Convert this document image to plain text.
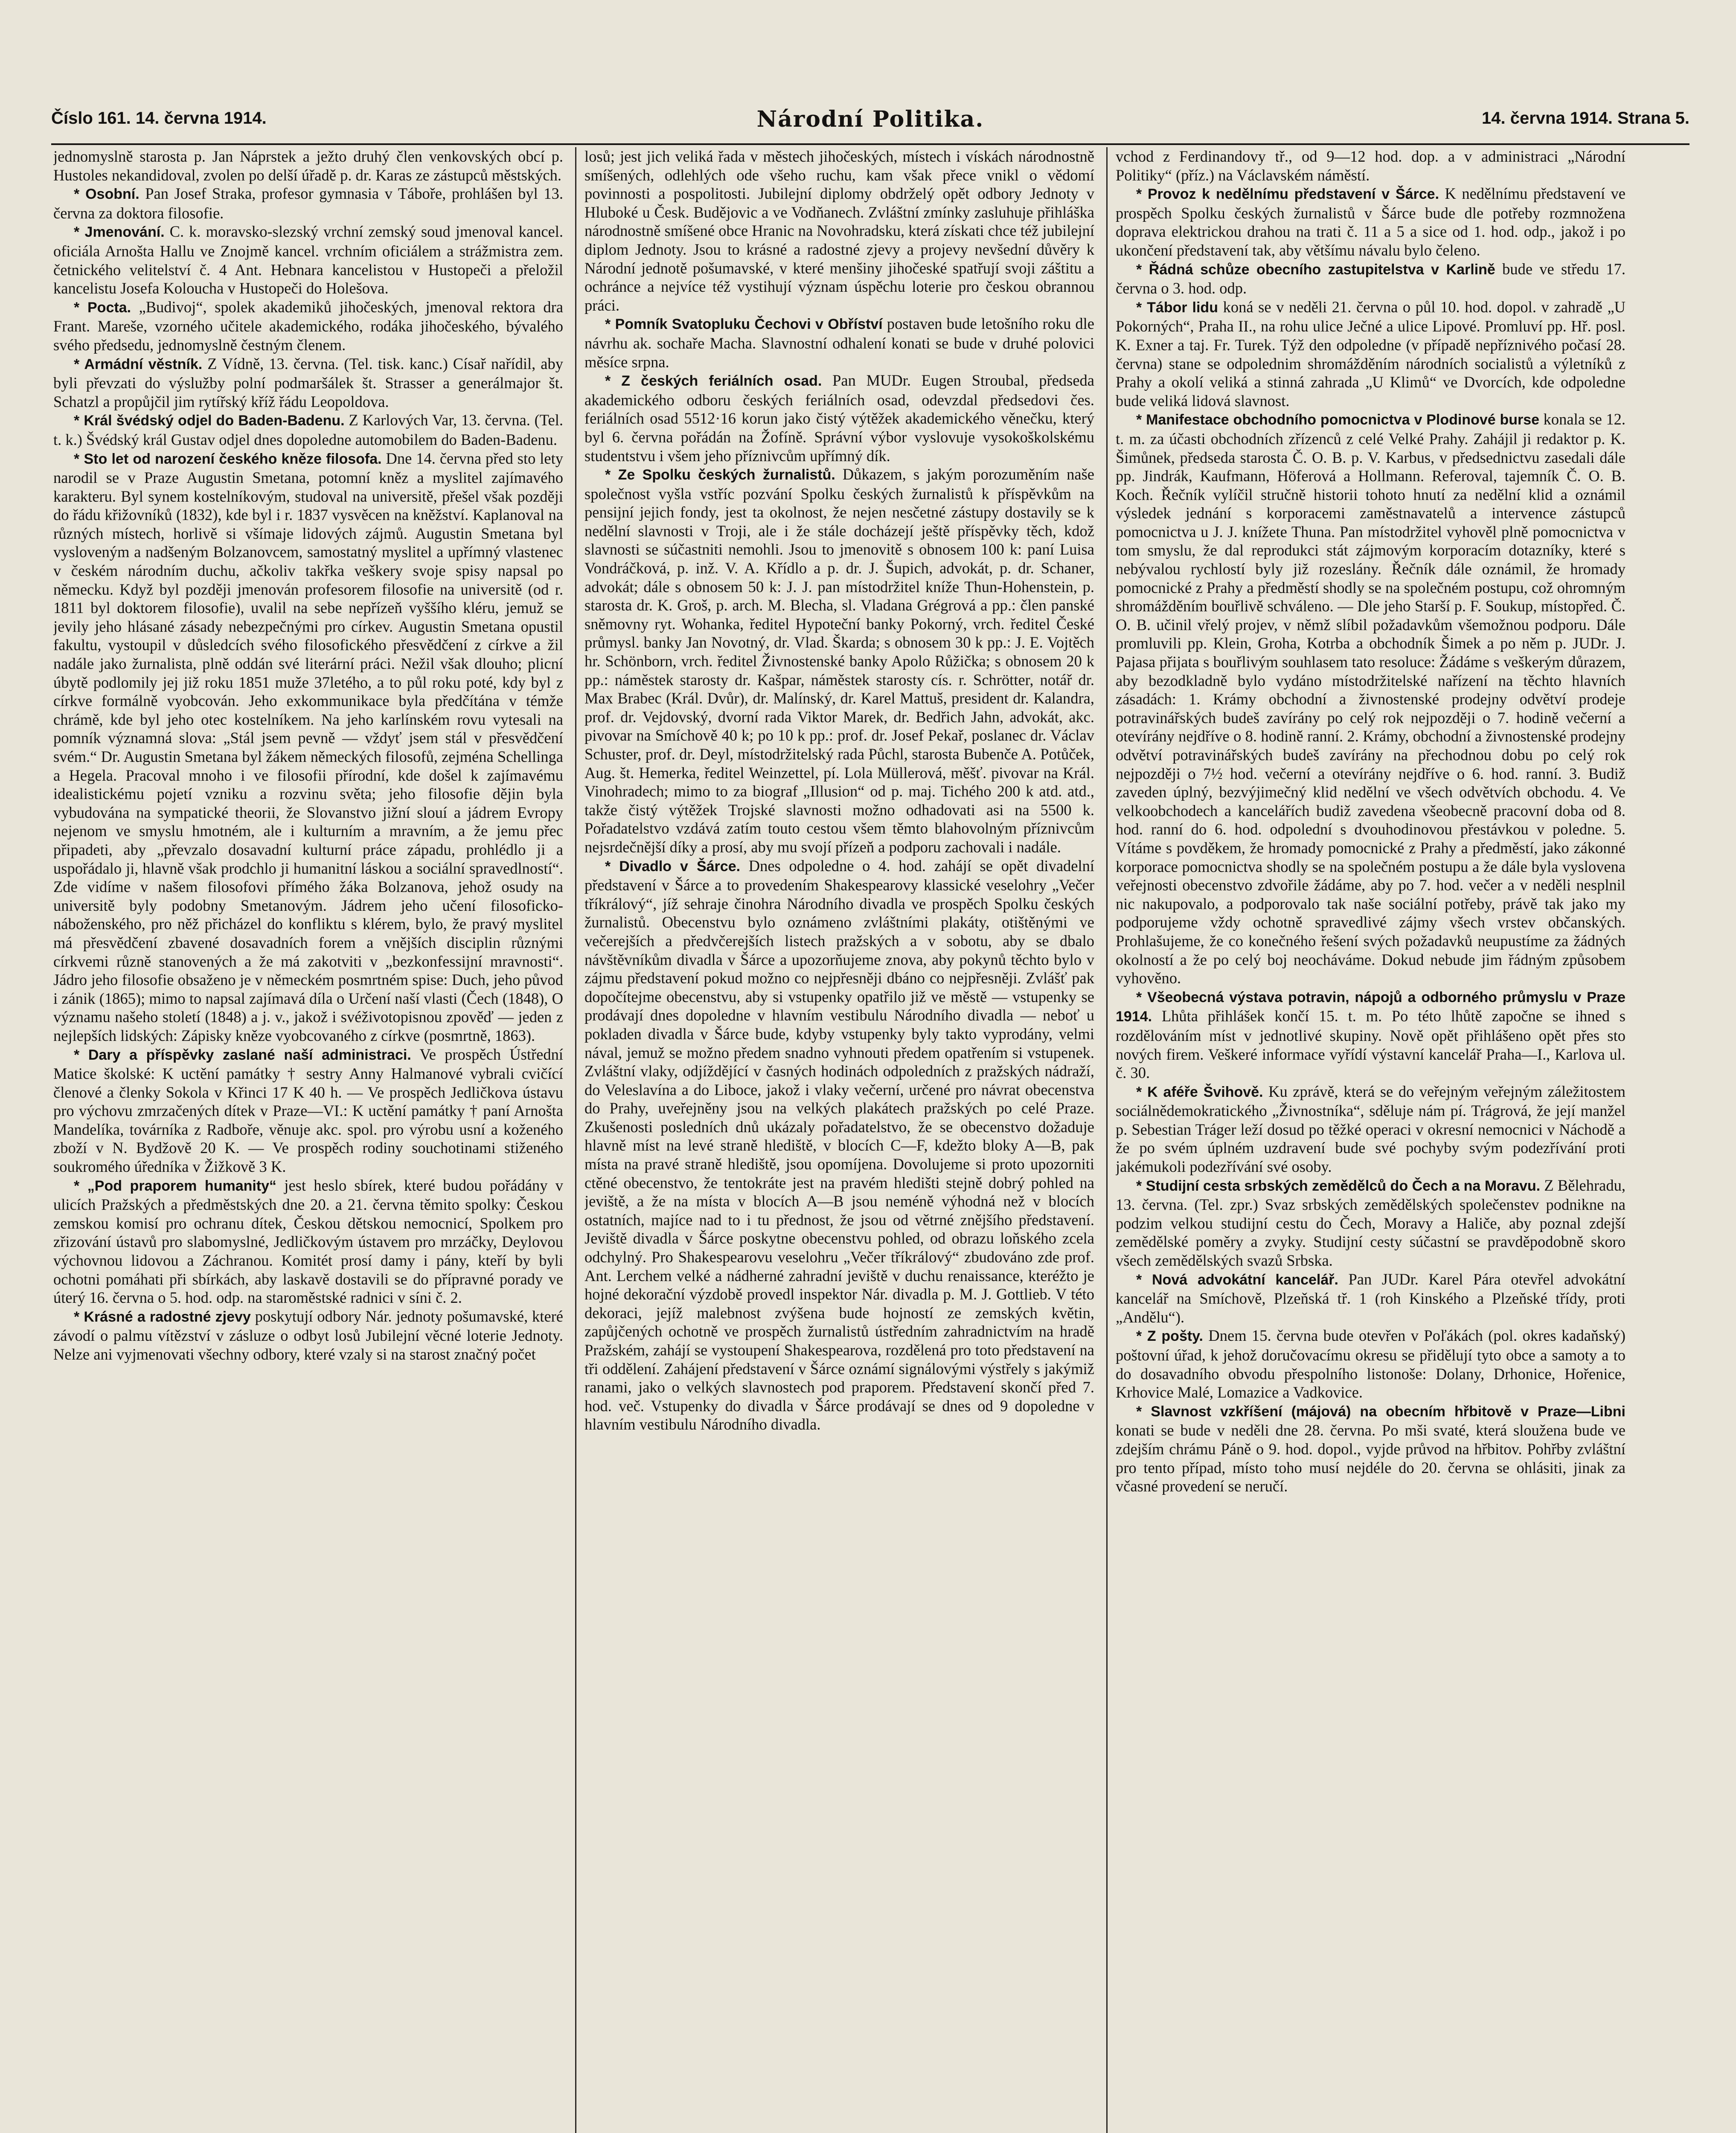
Číslo 161. 14. června 1914.	Národní Politika.	14. června 1914. Strana 5.

jednomyslně starosta p. Jan Náprstek a ježto druhý člen venkovských obcí p. Hustoles nekandidoval, zvolen po delší úřadě p. dr. Karas ze zástupců městských.

* Osobní. Pan Josef Straka, profesor gymnasia v Táboře, prohlášen byl 13. června za doktora filosofie.

* Jmenování. C. k. moravsko-slezský vrchní zemský soud jmenoval kancel. oficiála Arnošta Hallu ve Znojmě kancel. vrchním oficiálem a strážmistra zem. četnického velitelství č. 4 Ant. Hebnara kancelistou v Hustopeči a přeložil kancelistu Josefa Koloucha v Hustopeči do Holešova.

* Pocta. „Budivoj“, spolek akademiků jihočeských, jmenoval rektora dra Frant. Mareše, vzorného učitele akademického, rodáka jihočeského, bývalého svého předsedu, jednomyslně čestným členem.

* Armádní věstník. Z Vídně, 13. června. (Tel. tisk. kanc.) Císař nařídil, aby byli převzati do výslužby polní podmaršálek št. Strasser a generálmajor št. Schatzl a propůjčil jim rytířský kříž řádu Leopoldova.

* Král švédský odjel do Baden-Badenu. Z Karlových Var, 13. června. (Tel. t. k.) Švédský král Gustav odjel dnes dopoledne automobilem do Baden-Badenu.

* Sto let od narození českého kněze filosofa. Dne 14. června před sto lety narodil se v Praze Augustin Smetana, potomní kněz a myslitel zajímavého karakteru. Byl synem kostelníkovým, studoval na universitě, přešel však později do řádu křižovníků (1832), kde byl i r. 1837 vysvěcen na kněžství. Kaplanoval na různých místech, horlivě si všímaje lidových zájmů. Augustin Smetana byl vysloveným a nadšeným Bolzanovcem, samostatný myslitel a upřímný vlastenec v českém národním duchu, ačkoliv takřka veškery svoje spisy napsal po německu. Když byl později jmenován profesorem filosofie na universitě (od r. 1811 byl doktorem filosofie), uvalil na sebe nepřízeň vyššího kléru, jemuž se jevily jeho hlásané zásady nebezpečnými pro církev. Augustin Smetana opustil fakultu, vystoupil v důsledcích svého filosofického přesvědčení z církve a žil nadále jako žurnalista, plně oddán své literární práci. Nežil však dlouho; plicní úbytě podlomily jej již roku 1851 muže 37letého, a to půl roku poté, kdy byl z církve formálně vyobcován. Jeho exkommunikace byla předčítána v témže chrámě, kde byl jeho otec kostelníkem. Na jeho karlínském rovu vytesali na pomník významná slova: „Stál jsem pevně — vždyť jsem stál v přesvědčení svém.“ Dr. Augustin Smetana byl žákem německých filosofů, zejména Schellinga a Hegela. Pracoval mnoho i ve filosofii přírodní, kde došel k zajímavému idealistickému pojetí vzniku a rozvinu světa; jeho filosofie dějin byla vybudována na sympatické theorii, že Slovanstvo jižní slouí a jádrem Evropy nejenom ve smyslu hmotném, ale i kulturním a mravním, a že jemu přec připadeti, aby „převzalo dosavadní kulturní práce západu, prohlédlo ji a uspořádalo ji, hlavně však prodchlo ji humanitní láskou a sociální spravedlností“. Zde vidíme v našem filosofovi přímého žáka Bolzanova, jehož osudy na universitě byly podobny Smetanovým. Jádrem jeho učení filosoficko-náboženského, pro něž přicházel do konfliktu s klérem, bylo, že pravý myslitel má přesvědčení zbavené dosavadních forem a vnějších disciplin různými církvemi různě stanovených a že má zakotviti v „bezkonfessijní mravnosti“. Jádro jeho filosofie obsaženo je v německém posmrtném spise: Duch, jeho původ i zánik (1865); mimo to napsal zajímavá díla o Určení naší vlasti (Čech (1848), O významu našeho století (1848) a j. v., jakož i svéživotopisnou zpověď — jeden z nejlepších lidských: Zápisky kněze vyobcovaného z církve (posmrtně, 1863).

* Dary a příspěvky zaslané naší administraci. Ve prospěch Ústřední Matice školské: K uctění památky † sestry Anny Halmanové vybrali cvičící členové a členky Sokola v Křinci 17 K 40 h. — Ve prospěch Jedličkova ústavu pro výchovu zmrzačených dítek v Praze—VI.: K uctění památky † paní Arnošta Mandelíka, továrníka z Radboře, věnuje akc. spol. pro výrobu usní a koženého zboží v N. Bydžově 20 K. — Ve prospěch rodiny souchotinami stiženého soukromého úředníka v Žižkově 3 K.

* „Pod praporem humanity“ jest heslo sbírek, které budou pořádány v ulicích Pražských a předměstských dne 20. a 21. června těmito spolky: Českou zemskou komisí pro ochranu dítek, Českou dětskou nemocnicí, Spolkem pro zřizování ústavů pro slabomyslné, Jedličkovým ústavem pro mrzáčky, Deylovou výchovnou lidovou a Záchranou. Komitét prosí damy i pány, kteří by byli ochotni pomáhati při sbírkách, aby laskavě dostavili se do přípravné porady ve úterý 16. června o 5. hod. odp. na staroměstské radnici v síni č. 2.

* Krásné a radostné zjevy poskytují odbory Nár. jednoty pošumavské, které závodí o palmu vítězství v zásluze o odbyt losů Jubilejní věcné loterie Jednoty. Nelze ani vyjmenovati všechny odbory, které vzaly si na starost značný počet

losů; jest jich veliká řada v městech jihočeských, místech i vískách národnostně smíšených, odlehlých ode všeho ruchu, kam však přece vnikl o vědomí povinnosti a pospolitosti. Jubilejní diplomy obdrželý opět odbory Jednoty v Hluboké u Česk. Budějovic a ve Vodňanech. Zvláštní zmínky zasluhuje přihláška národnostně smíšené obce Hranic na Novohradsku, která získati chce též jubilejní diplom Jednoty. Jsou to krásné a radostné zjevy a projevy nevšední důvěry k Národní jednotě pošumavské, v které menšiny jihočeské spatřují svoji záštitu a ochránce a nejvíce též vystihují význam úspěchu loterie pro českou obrannou práci.

* Pomník Svatopluku Čechovi v Obříství postaven bude letošního roku dle návrhu ak. sochaře Macha. Slavnostní odhalení konati se bude v druhé polovici měsíce srpna.

* Z českých feriálních osad. Pan MUDr. Eugen Stroubal, předseda akademického odboru českých feriálních osad, odevzdal předsedovi čes. feriálních osad 5512·16 korun jako čistý výtěžek akademického věnečku, který byl 6. června pořádán na Žofíně. Správní výbor vyslovuje vysokoškolskému studentstvu i všem jeho příznivcům upřímný dík.

* Ze Spolku českých žurnalistů. Důkazem, s jakým porozuměním naše společnost vyšla vstříc pozvání Spolku českých žurnalistů k příspěvkům na pensijní jejich fondy, jest ta okolnost, že nejen nesčetné zástupy dostavily se k nedělní slavnosti v Troji, ale i že stále docházejí ještě příspěvky těch, kdož slavnosti se súčastniti nemohli. Jsou to jmenovitě s obnosem 100 k: paní Luisa Vondráčková, p. inž. V. A. Křídlo a p. dr. J. Šupich, advokát, p. dr. Schaner, advokát; dále s obnosem 50 k: J. J. pan místodržitel kníže Thun-Hohenstein, p. starosta dr. K. Groš, p. arch. M. Blecha, sl. Vladana Grégrová a pp.: člen panské sněmovny ryt. Wohanka, ředitel Hypoteční banky Pokorný, vrch. ředitel České průmysl. banky Jan Novotný, dr. Vlad. Škarda; s obnosem 30 k pp.: J. E. Vojtěch hr. Schönborn, vrch. ředitel Živnostenské banky Apolo Růžička; s obnosem 20 k pp.: náměstek starosty dr. Kašpar, náměstek starosty cís. r. Schrötter, notář dr. Max Brabec (Král. Dvůr), dr. Malínský, dr. Karel Mattuš, president dr. Kalandra, prof. dr. Vejdovský, dvorní rada Viktor Marek, dr. Bedřich Jahn, advokát, akc. pivovar na Smíchově 40 k; po 10 k pp.: prof. dr. Josef Pekař, poslanec dr. Václav Schuster, prof. dr. Deyl, místodržitelský rada Půchl, starosta Bubenče A. Potůček, Aug. št. Hemerka, ředitel Weinzettel, pí. Lola Müllerová, měšť. pivovar na Král. Vinohradech; mimo to za biograf „Illusion“ od p. maj. Tichého 200 k atd. atd., takže čistý výtěžek Trojské slavnosti možno odhadovati asi na 5500 k. Pořadatelstvo vzdává zatím touto cestou všem těmto blahovolným příznivcům nejsrdečnější díky a prosí, aby mu svojí přízeň a podporu zachovali i nadále.

* Divadlo v Šárce. Dnes odpoledne o 4. hod. zahájí se opět divadelní představení v Šárce a to provedením Shakespearovy klassické veselohry „Večer tříkrálový“, jíž sehraje činohra Národního divadla ve prospěch Spolku českých žurnalistů. Obecenstvu bylo oznámeno zvláštními plakáty, otištěnými ve večerejších a předvčerejších listech pražských a v sobotu, aby se dbalo návštěvníkům divadla v Šárce a upozorňujeme znova, aby pokynů těchto bylo v zájmu představení pokud možno co nejpřesněji dbáno co nejpřesněji. Zvlášť pak dopočítejme obecenstvu, aby si vstupenky opatřilo již ve městě — vstupenky se prodávají dnes dopoledne v hlavním vestibulu Národního divadla — neboť u pokladen divadla v Šárce bude, kdyby vstupenky byly takto vyprodány, velmi nával, jemuž se možno předem snadno vyhnouti předem opatřením si vstupenek. Zvláštní vlaky, odjíždějící v časných hodinách odpoledních z pražských nádraží, do Veleslavína a do Liboce, jakož i vlaky večerní, určené pro návrat obecenstva do Prahy, uveřejněny jsou na velkých plakátech pražských po celé Praze. Zkušenosti posledních dnů ukázaly pořadatelstvo, že se obecenstvo dožaduje hlavně míst na levé straně hlediště, v blocích C—F, kdežto bloky A—B, pak místa na pravé straně hlediště, jsou opomíjena. Dovolujeme si proto upozorniti ctěné obecenstvo, že tentokráte jest na pravém hledišti stejně dobrý pohled na jeviště, a že na místa v blocích A—B jsou neméně výhodná než v blocích ostatních, majíce nad to i tu přednost, že jsou od větrné znějšího představení. Jeviště divadla v Šárce poskytne obecenstvu pohled, od obrazu loňského zcela odchylný. Pro Shakespearovu veselohru „Večer tříkrálový“ zbudováno zde prof. Ant. Lerchem velké a nádherné zahradní jeviště v duchu renaissance, kteréžto je hojné dekorační výzdobě provedl inspektor Nár. divadla p. M. J. Gottlieb. V této dekoraci, jejíž malebnost zvýšena bude hojností ze zemských květin, zapůjčených ochotně ve prospěch žurnalistů ústředním zahradnictvím na hradě Pražském, zahájí se vystoupení Shakespearova, rozdělená pro toto představení na tři oddělení. Zahájení představení v Šárce oznámí signálovými výstřely s jakýmiž ranami, jako o velkých slavnostech pod praporem. Představení skončí před 7. hod. več. Vstupenky do divadla v Šárce prodávají se dnes od 9 dopoledne v hlavním vestibulu Národního divadla.

vchod z Ferdinandovy tř., od 9—12 hod. dop. a v administraci „Národní Politiky“ (příz.) na Václavském náměstí.

* Provoz k nedělnímu představení v Šárce. K nedělnímu představení ve prospěch Spolku českých žurnalistů v Šárce bude dle potřeby rozmnožena doprava elektrickou drahou na trati č. 11 a 5 a sice od 1. hod. odp., jakož i po ukončení představení tak, aby většímu návalu bylo čeleno.

* Řádná schůze obecního zastupitelstva v Karlině bude ve středu 17. června o 3. hod. odp.

* Tábor lidu koná se v neděli 21. června o půl 10. hod. dopol. v zahradě „U Pokorných“, Praha II., na rohu ulice Ječné a ulice Lipové. Promluví pp. Hř. posl. K. Exner a taj. Fr. Turek. Týž den odpoledne (v případě nepříznivého počasí 28. června) stane se odpolednim shromážděním národních socialistů a výletníků z Prahy a okolí veliká a stinná zahrada „U Klimů“ ve Dvorcích, kde odpoledne bude veliká lidová slavnost.

* Manifestace obchodního pomocnictva v Plodinové burse konala se 12. t. m. za účasti obchodních zřízenců z celé Velké Prahy. Zahájil ji redaktor p. K. Šimůnek, předseda starosta Č. O. B. p. V. Karbus, v předsednictvu zasedali dále pp. Jindrák, Kaufmann, Höferová a Hollmann. Referoval, tajemník Č. O. B. Koch. Řečník vylíčil stručně historii tohoto hnutí za nedělní klid a oznámil výsledek jednání s korporacemi zaměstnavatelů a intervence zástupců pomocnictva u J. J. knížete Thuna. Pan místodržitel vyhověl plně pomocnictva v tom smyslu, že dal reprodukci stát zájmovým korporacím dotazníky, které s nebývalou rychlostí byly již rozeslány. Řečník dále oznámil, že hromady pomocnické z Prahy a předměstí shodly se na společném postupu, což ohromným shromážděním bouřlivě schváleno. — Dle jeho Starší p. F. Soukup, místopřed. Č. O. B. učinil vřelý projev, v němž slíbil požadavkům všemožnou podporu. Dále promluvili pp. Klein, Groha, Kotrba a obchodník Šimek a po něm p. JUDr. J. Pajasa přijata s bouřlivým souhlasem tato resoluce: Žádáme s veškerým důrazem, aby bezodkladně bylo vydáno místodržitelské nařízení na těchto hlavních zásadách: 1. Krámy obchodní a živnostenské prodejny odvětví prodeje potravinářských budeš zavírány po celý rok nejpozději o 7. hodině večerní a otevírány nejdříve o 8. hodině ranní. 2. Krámy, obchodní a živnostenské prodejny odvětví potravinářských budeš zavírány na přechodnou dobu po celý rok nejpozději o 7½ hod. večerní a otevírány nejdříve o 6. hod. ranní. 3. Budiž zaveden úplný, bezvýjimečný klid nedělní ve všech odvětvích obchodu. 4. Ve velkoobchodech a kancelářích budiž zavedena všeobecně pracovní doba od 8. hod. ranní do 6. hod. odpolední s dvouhodinovou přestávkou v poledne. 5. Vítáme s povděkem, že hromady pomocnické z Prahy a předměstí, jako zákonné korporace pomocnictva shodly se na společném postupu a že dále byla vyslovena veřejnosti obecenstvo zdvořile žádáme, aby po 7. hod. večer a v neděli nesplnil nic nakupovalo, a podporovalo tak naše sociální potřeby, právě tak jako my podporujeme vždy ochotně spravedlivé zájmy všech vrstev občanských. Prohlašujeme, že co konečného řešení svých požadavků neupustíme za žádných okolností a že po celý boj neocháváme. Dokud nebude jim řádným způsobem vyhověno.

* Všeobecná výstava potravin, nápojů a odborného průmyslu v Praze 1914. Lhůta přihlášek končí 15. t. m. Po této lhůtě započne se ihned s rozdělováním míst v jednotlivé skupiny. Nově opět přihlášeno opět přes sto nových firem. Veškeré informace vyřídí výstavní kancelář Praha—I., Karlova ul. č. 30.

* K aféře Švihově. Ku zprávě, která se do veřejným veřejným záležitostem sociálnědemokratického „Živnostníka“, sděluje nám pí. Trágrová, že její manžel p. Sebestian Tráger leží dosud po těžké operaci v okresní nemocnici v Náchodě a že po svém úplném uzdravení bude své pochyby svým podezřívání proti jakémukoli podezřívání své osoby.

* Studijní cesta srbských zemědělců do Čech a na Moravu. Z Bělehradu, 13. června. (Tel. zpr.) Svaz srbských zemědělských společenstev podnikne na podzim velkou studijní cestu do Čech, Moravy a Haliče, aby poznal zdejší zemědělské poměry a zvyky. Studijní cesty súčastní se pravděpodobně skoro všech zemědělských svazů Srbska.

* Nová advokátní kancelář. Pan JUDr. Karel Pára otevřel advokátní kancelář na Smíchově, Plzeňská tř. 1 (roh Kinského a Plzeňské třídy, proti „Andělu“).

* Z pošty. Dnem 15. června bude otevřen v Poľákách (pol. okres kadaňský) poštovní úřad, k jehož doručovacímu okresu se přidělují tyto obce a samoty a to do dosavadního obvodu přespolního listonoše: Dolany, Drhonice, Hořenice, Krhovice Malé, Lomazice a Vadkovice.

* Slavnost vzkříšení (májová) na obecním hřbitově v Praze—Libni konati se bude v neděli dne 28. června. Po mši svaté, která sloužena bude ve zdejším chrámu Páně o 9. hod. dopol., vyjde průvod na hřbitov. Pohřby zvláštní pro tento případ, místo toho musí nejdéle do 20. června se ohlásiti, jinak za včasné provedení se neručí.
